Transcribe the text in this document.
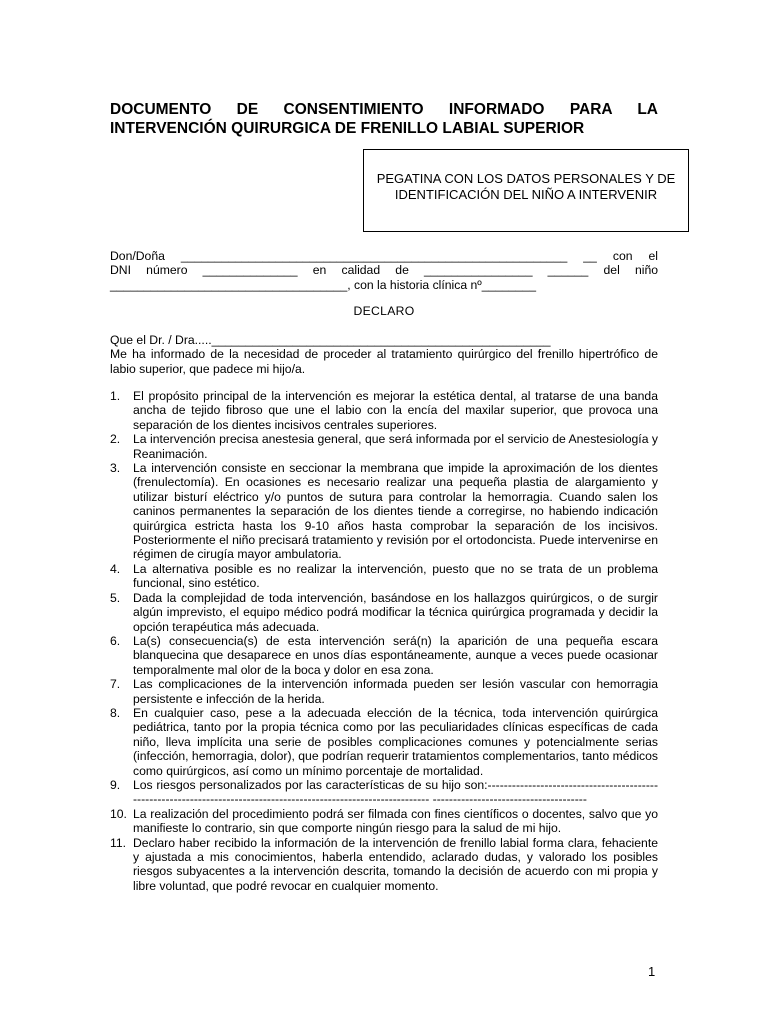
DOCUMENTO DE CONSENTIMIENTO INFORMADO PARA LA INTERVENCIÓN QUIRURGICA DE FRENILLO LABIAL SUPERIOR
PEGATINA CON LOS DATOS PERSONALES Y DE IDENTIFICACIÓN DEL NIÑO A INTERVENIR
Don/Doña _________________________________________________________ __ con el
DNI número ______________ en calidad de ________________ ______ del niño
___________________________________, con la historia clínica nº________
DECLARO
Que el Dr. / Dra.....__________________________________________________
Me ha informado de la necesidad de proceder al tratamiento quirúrgico del frenillo hipertrófico de labio superior, que padece mi hijo/a.
1. El propósito principal de la intervención es mejorar la estética dental, al tratarse de una banda ancha de tejido fibroso que une el labio con la encía del maxilar superior, que provoca una separación de los dientes incisivos centrales superiores.
2. La intervención precisa anestesia general, que será informada por el servicio de Anestesiología y Reanimación.
3. La intervención consiste en seccionar la membrana que impide la aproximación de los dientes (frenulectomía). En ocasiones es necesario realizar una pequeña plastia de alargamiento y utilizar bisturí eléctrico y/o puntos de sutura para controlar la hemorragia. Cuando salen los caninos permanentes la separación de los dientes tiende a corregirse, no habiendo indicación quirúrgica estricta hasta los 9-10 años hasta comprobar la separación de los incisivos. Posteriormente el niño precisará tratamiento y revisión por el ortodoncista. Puede intervenirse en régimen de cirugía mayor ambulatoria.
4. La alternativa posible es no realizar la intervención, puesto que no se trata de un problema funcional, sino estético.
5. Dada la complejidad de toda intervención, basándose en los hallazgos quirúrgicos, o de surgir algún imprevisto, el equipo médico podrá modificar la técnica quirúrgica programada y decidir la opción terapéutica más adecuada.
6. La(s) consecuencia(s) de esta intervención será(n) la aparición de una pequeña escara blanquecina que desaparece en unos días espontáneamente, aunque a veces puede ocasionar temporalmente mal olor de la boca y dolor en esa zona.
7. Las complicaciones de la intervención informada pueden ser lesión vascular con hemorragia persistente e infección de la herida.
8. En cualquier caso, pese a la adecuada elección de la técnica, toda intervención quirúrgica pediátrica, tanto por la propia técnica como por las peculiaridades clínicas específicas de cada niño, lleva implícita una serie de posibles complicaciones comunes y potencialmente serias (infección, hemorragia, dolor), que podrían requerir tratamientos complementarios, tanto médicos como quirúrgicos, así como un mínimo porcentaje de mortalidad.
9. Los riesgos personalizados por las características de su hijo son:------------------------------------------------------------------------------------------------------------------- --------------------------------------
10. La realización del procedimiento podrá ser filmada con fines científicos o docentes, salvo que yo manifieste lo contrario, sin que comporte ningún riesgo para la salud de mi hijo.
11. Declaro haber recibido la información de la intervención de frenillo labial forma clara, fehaciente y ajustada a mis conocimientos, haberla entendido, aclarado dudas, y valorado los posibles riesgos subyacentes a la intervención descrita, tomando la decisión de acuerdo con mi propia y libre voluntad, que podré revocar en cualquier momento.
1
